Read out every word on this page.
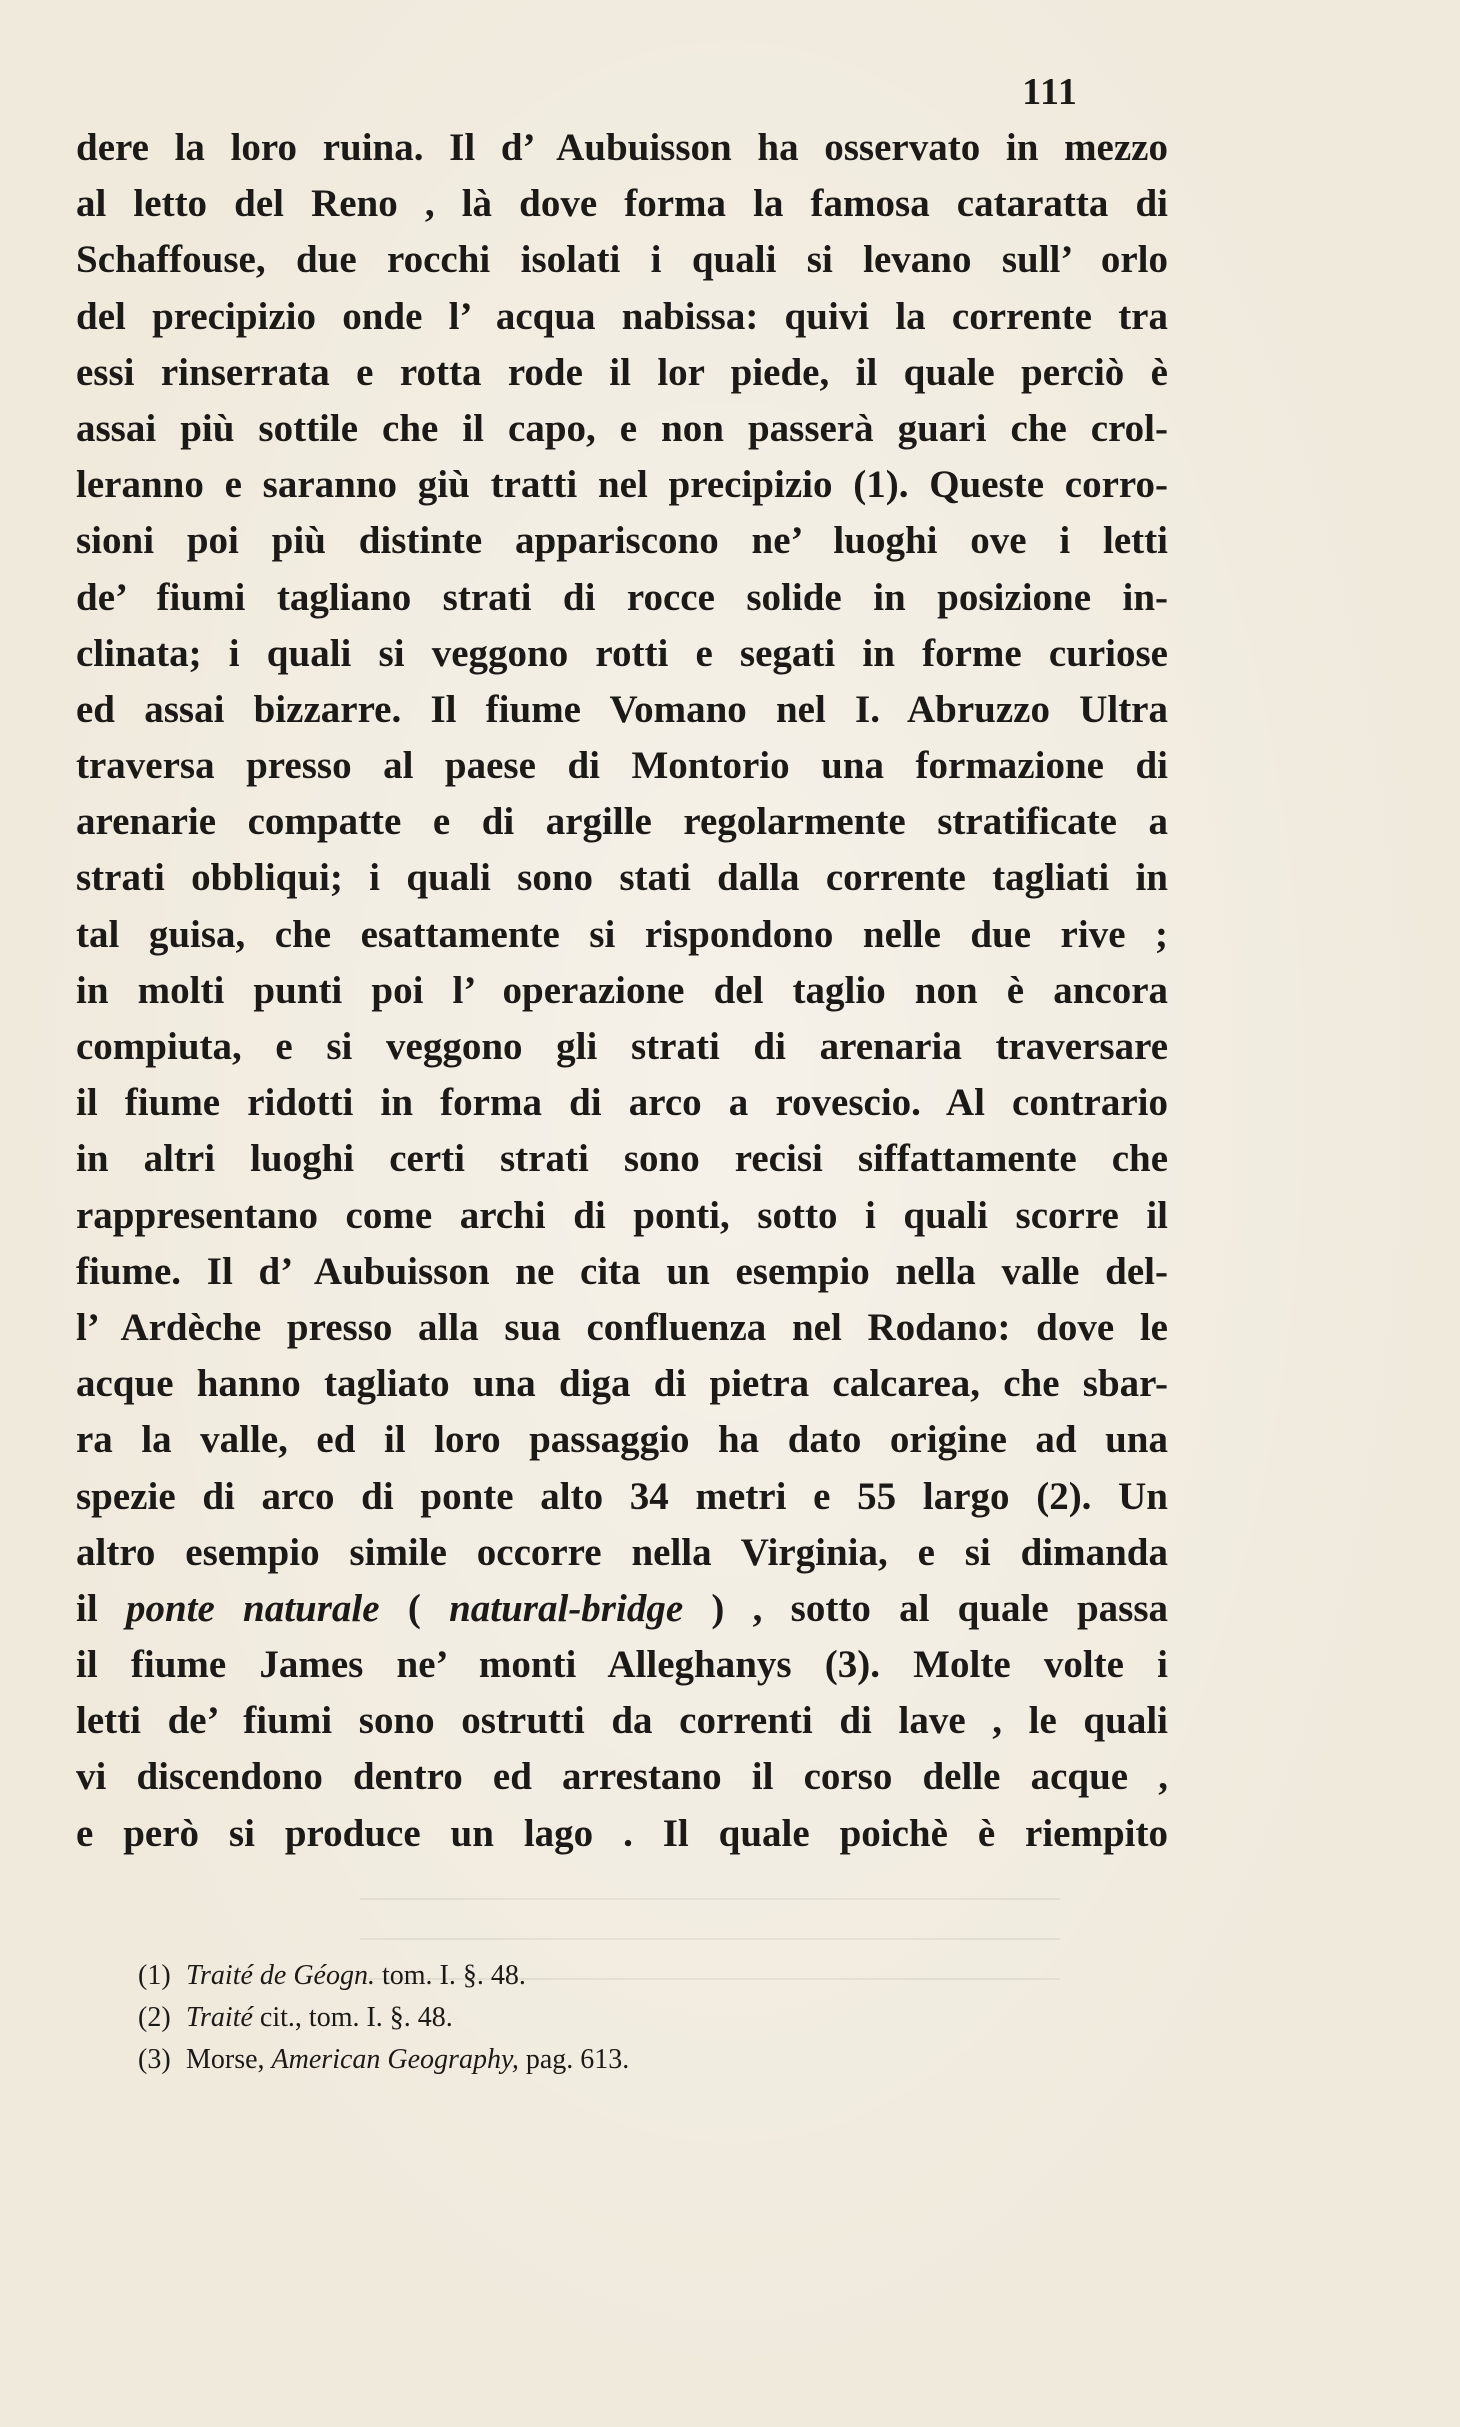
111
dere la loro ruina. Il d’ Aubuisson ha osservato in mezzo
al letto del Reno , là dove forma la famosa cataratta di
Schaffouse, due rocchi isolati i quali si levano sull’ orlo
del precipizio onde l’ acqua nabissa: quivi la corrente tra
essi rinserrata e rotta rode il lor piede, il quale perciò è
assai più sottile che il capo, e non passerà guari che crol-
leranno e saranno giù tratti nel precipizio (1). Queste corro-
sioni poi più distinte appariscono ne’ luoghi ove i letti
de’ fiumi tagliano strati di rocce solide in posizione in-
clinata; i quali si veggono rotti e segati in forme curiose
ed assai bizzarre. Il fiume Vomano nel I. Abruzzo Ultra
traversa presso al paese di Montorio una formazione di
arenarie compatte e di argille regolarmente stratificate a
strati obbliqui; i quali sono stati dalla corrente tagliati in
tal guisa, che esattamente si rispondono nelle due rive ;
in molti punti poi l’ operazione del taglio non è ancora
compiuta, e si veggono gli strati di arenaria traversare
il fiume ridotti in forma di arco a rovescio. Al contrario
in altri luoghi certi strati sono recisi siffattamente che
rappresentano come archi di ponti, sotto i quali scorre il
fiume. Il d’ Aubuisson ne cita un esempio nella valle del-
l’ Ardèche presso alla sua confluenza nel Rodano: dove le
acque hanno tagliato una diga di pietra calcarea, che sbar-
ra la valle, ed il loro passaggio ha dato origine ad una
spezie di arco di ponte alto 34 metri e 55 largo (2). Un
altro esempio simile occorre nella Virginia, e si dimanda
il ponte naturale ( natural-bridge ) , sotto al quale passa
il fiume James ne’ monti Alleghanys (3). Molte volte i
letti de’ fiumi sono ostrutti da correnti di lave , le quali
vi discendono dentro ed arrestano il corso delle acque ,
e però si produce un lago . Il quale poichè è riempito
(1) Traité de Géogn. tom. I. §. 48.
(2) Traité cit., tom. I. §. 48.
(3) Morse, American Geography, pag. 613.
